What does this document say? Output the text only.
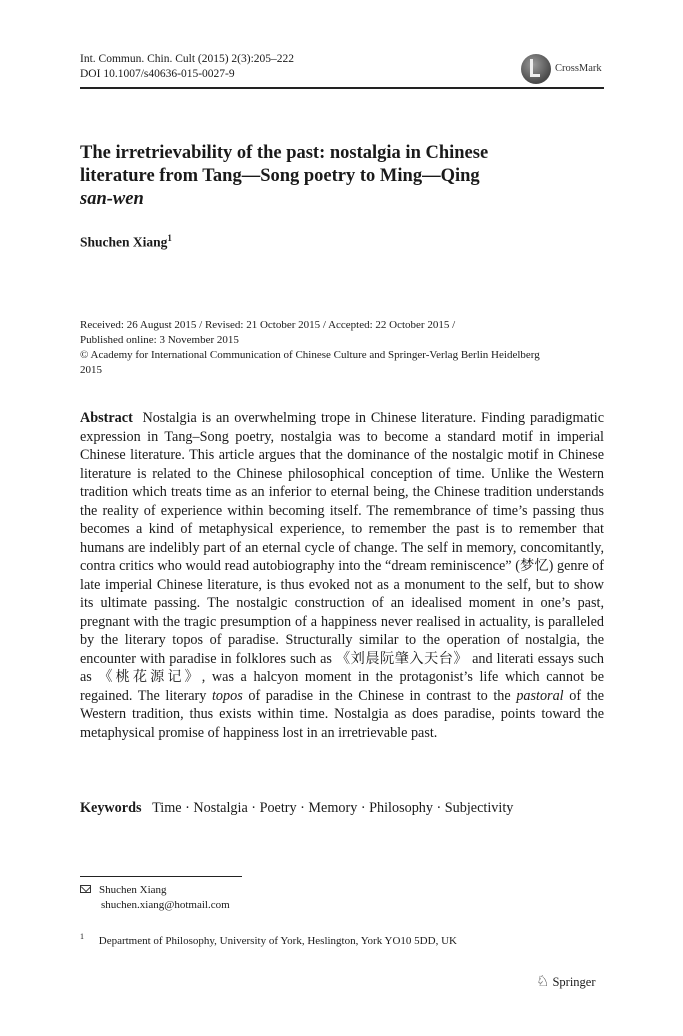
Int. Commun. Chin. Cult (2015) 2(3):205–222
DOI 10.1007/s40636-015-0027-9	CrossMark
The irretrievability of the past: nostalgia in Chinese
literature from Tang—Song poetry to Ming—Qing
san-wen
Shuchen Xiang$^1$
Received: 26 August 2015 / Revised: 21 October 2015 / Accepted: 22 October 2015 /
Published online: 3 November 2015
© Academy for International Communication of Chinese Culture and Springer-Verlag Berlin Heidelberg
2015
Abstract Nostalgia is an overwhelming trope in Chinese literature. Finding paradigmatic expression in Tang–Song poetry, nostalgia was to become a standard motif in imperial Chinese literature. This article argues that the dominance of the nostalgic motif in Chinese literature is related to the Chinese philosophical conception of time. Unlike the Western tradition which treats time as an inferior to eternal being, the Chinese tradition understands the reality of experience within becoming itself. The remembrance of time’s passing thus becomes a kind of metaphysical experience, to remember the past is to remember that humans are indelibly part of an eternal cycle of change. The self in memory, concomitantly, contra critics who would read autobiography into the “dream reminiscence” (梦忆) genre of late imperial Chinese literature, is thus evoked not as a monument to the self, but to show its ultimate passing. The nostalgic construction of an idealised moment in one’s past, pregnant with the tragic presumption of a happiness never realised in actuality, is paralleled by the literary topos of paradise. Structurally similar to the operation of nostalgia, the encounter with paradise in folklores such as 《刘晨阮肇入天台》 and literati essays such as 《桃花源记》, was a halcyon moment in the protagonist’s life which cannot be regained. The literary topos of paradise in the Chinese in contrast to the pastoral of the Western tradition, thus exists within time. Nostalgia as does paradise, points toward the metaphysical promise of happiness lost in an irretrievable past.
Keywords Time · Nostalgia · Poetry · Memory · Philosophy · Subjectivity
Shuchen Xiang
shuchen.xiang@hotmail.com
$^1$ Department of Philosophy, University of York, Heslington, York YO10 5DD, UK
♘ Springer
